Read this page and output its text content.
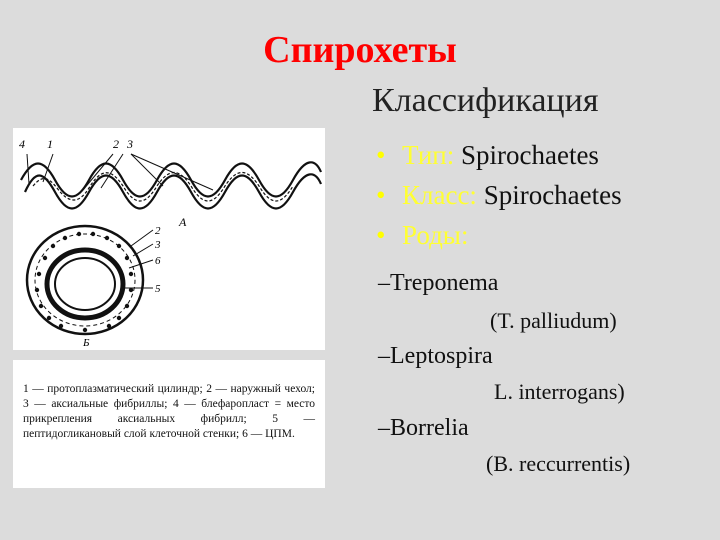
Спирохеты
Классификация
• Тип: Spirochaetes
• Класс: Spirochaetes
• Роды:
–Treponema
(T. palliudum)
–Leptospira
L. interrogans)
–Borrelia
(B. reccurrentis)
4 1	2 3
А
2
3
6
5
Б
1 — протоплазматический цилиндр; 2 — наружный чехол; 3 — аксиальные фибриллы; 4 — блефаропласт = место прикрепления аксиальных фибрилл; 5 — пептидогликановый слой клеточной стенки; 6 — ЦПМ.
